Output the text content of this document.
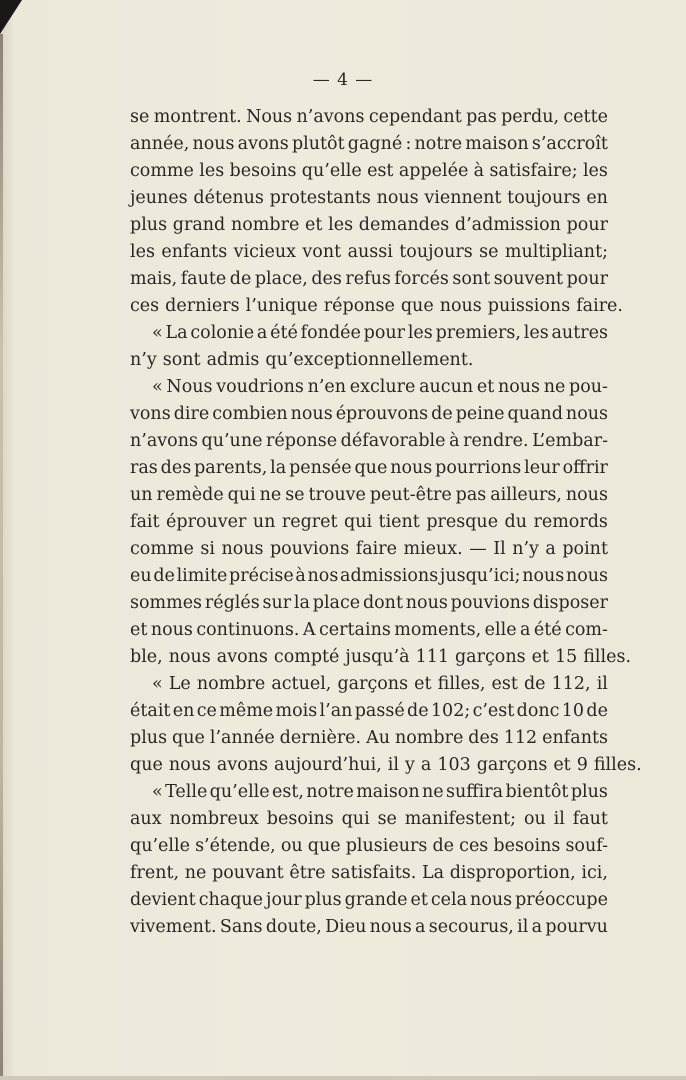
— 4 —
se montrent. Nous n’avons cependant pas perdu, cette
année, nous avons plutôt gagné : notre maison s’accroît
comme les besoins qu’elle est appelée à satisfaire; les
jeunes détenus protestants nous viennent toujours en
plus grand nombre et les demandes d’admission pour
les enfants vicieux vont aussi toujours se multipliant;
mais, faute de place, des refus forcés sont souvent pour
ces derniers l’unique réponse que nous puissions faire.
« La colonie a été fondée pour les premiers, les autres
n’y sont admis qu’exceptionnellement.
« Nous voudrions n’en exclure aucun et nous ne pou-
vons dire combien nous éprouvons de peine quand nous
n’avons qu’une réponse défavorable à rendre. L’embar-
ras des parents, la pensée que nous pourrions leur offrir
un remède qui ne se trouve peut-être pas ailleurs, nous
fait éprouver un regret qui tient presque du remords
comme si nous pouvions faire mieux. — Il n’y a point
eu de limite précise à nos admissions jusqu’ici; nous nous
sommes réglés sur la place dont nous pouvions disposer
et nous continuons. A certains moments, elle a été com-
ble, nous avons compté jusqu’à 111 garçons et 15 filles.
« Le nombre actuel, garçons et filles, est de 112, il
était en ce même mois l’an passé de 102; c’est donc 10 de
plus que l’année dernière. Au nombre des 112 enfants
que nous avons aujourd’hui, il y a 103 garçons et 9 filles.
« Telle qu’elle est, notre maison ne suffira bientôt plus
aux nombreux besoins qui se manifestent; ou il faut
qu’elle s’étende, ou que plusieurs de ces besoins souf-
frent, ne pouvant être satisfaits. La disproportion, ici,
devient chaque jour plus grande et cela nous préoccupe
vivement. Sans doute, Dieu nous a secourus, il a pourvu
